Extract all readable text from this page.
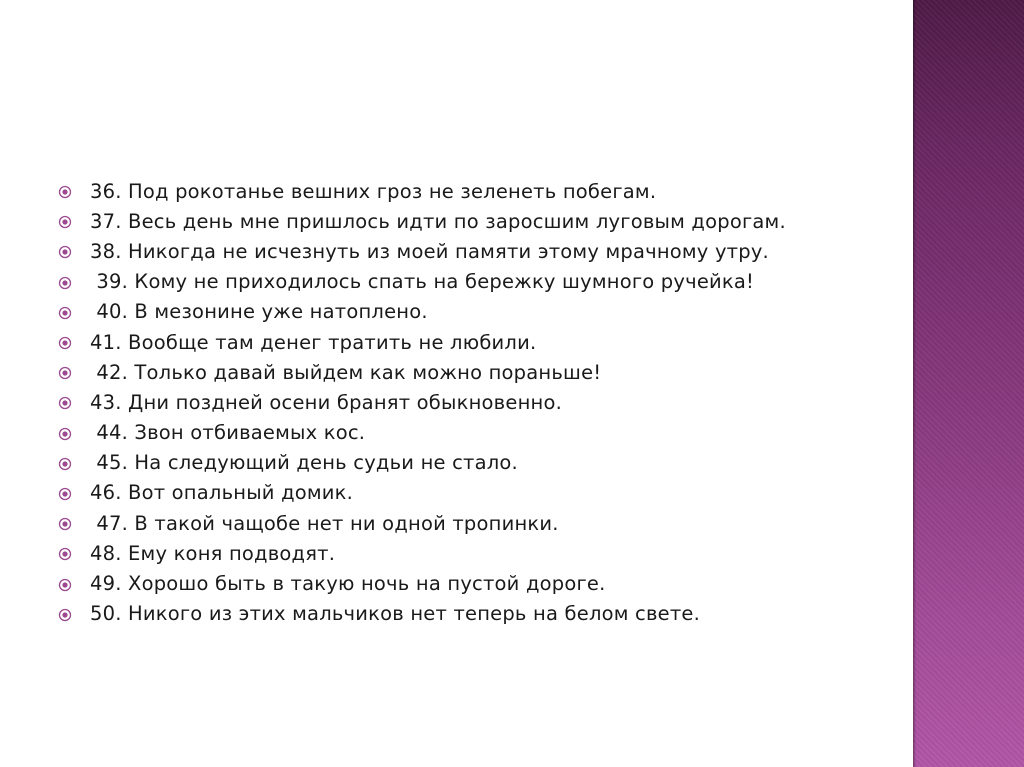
36. Под рокотанье вешних гроз не зеленеть побегам.
37. Весь день мне пришлось идти по заросшим луговым дорогам.
38. Никогда не исчезнуть из моей памяти этому мрачному утру.
39. Кому не приходилось спать на бережку шумного ручейка!
40. В мезонине уже натоплено.
41. Вообще там денег тратить не любили.
42. Только давай выйдем как можно пораньше!
43. Дни поздней осени бранят обыкновенно.
44. Звон отбиваемых кос.
45. На следующий день судьи не стало.
46. Вот опальный домик.
47. В такой чащобе нет ни одной тропинки.
48. Ему коня подводят.
49. Хорошо быть в такую ночь на пустой дороге.
50. Никого из этих мальчиков нет теперь на белом свете.
